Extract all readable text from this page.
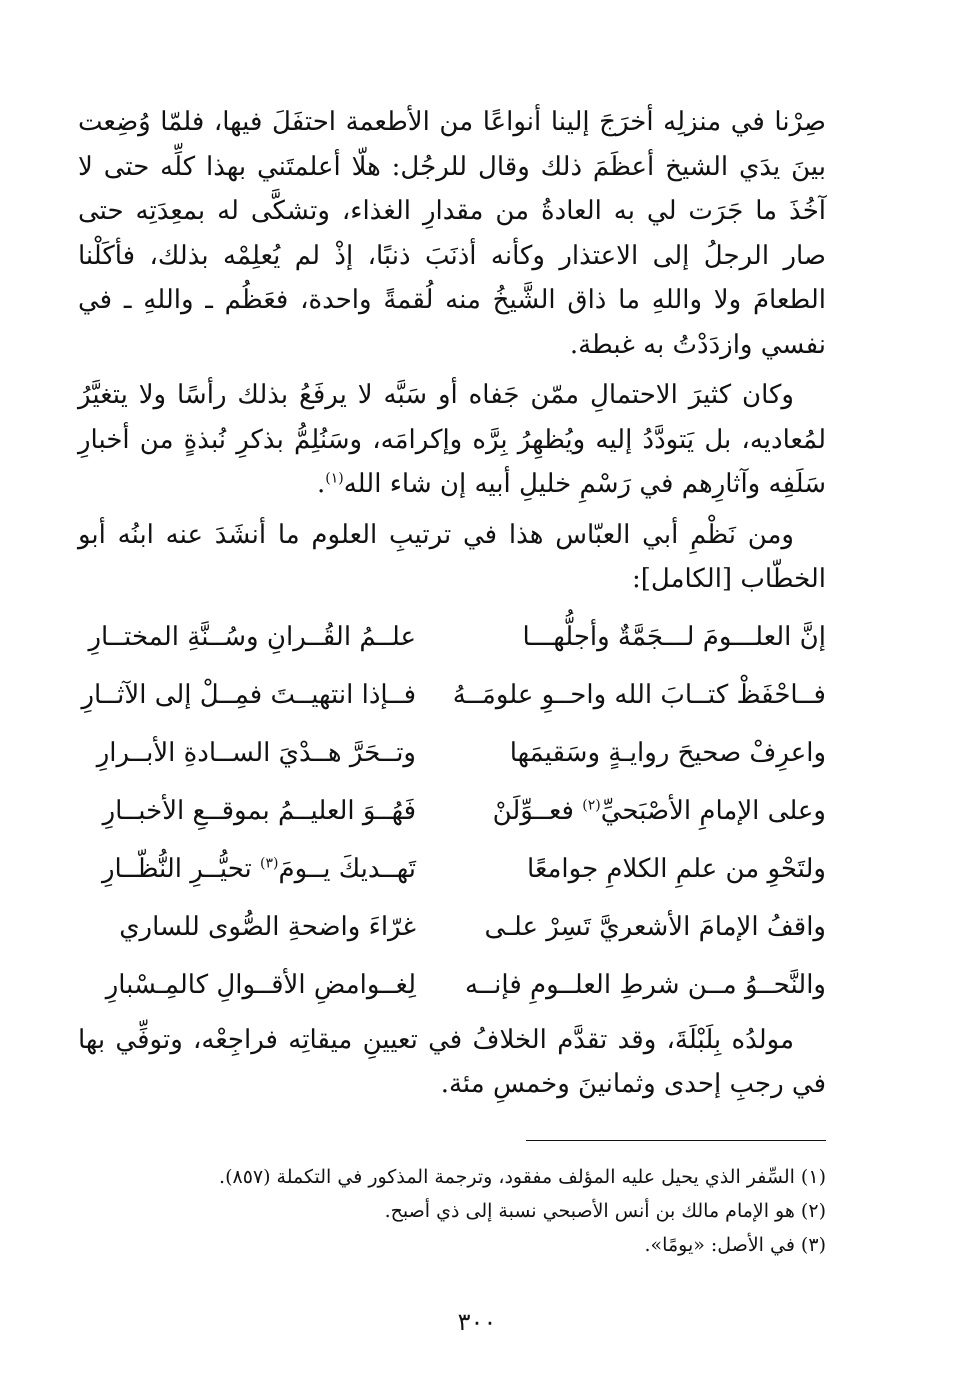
صِرْنا في منزلِه أخرَجَ إلينا أنواعًا من الأطعمة احتفَلَ فيها، فلمّا وُضِعت بينَ يدَي الشيخ أعظَمَ ذلك وقال للرجُل: هلّا أعلمتَني بهذا كلِّه حتى لا آخُذَ ما جَرَت لي به العادةُ من مقدارِ الغذاء، وتشكَّى له بمعِدَتِه حتى صار الرجلُ إلى الاعتذار وكأنه أذنَبَ ذنبًا، إذْ لم يُعلِمْه بذلك، فأكَلْنا الطعامَ ولا واللهِ ما ذاق الشَّيخُ منه لُقمةً واحدة، فعَظُم ـ واللهِ ـ في نفسي وازدَدْتُ به غبطة.

وكان كثيرَ الاحتمالِ ممّن جَفاه أو سَبَّه لا يرفَعُ بذلك رأسًا ولا يتغيَّرُ لمُعاديه، بل يَتودَّدُ إليه ويُظهِرُ بِرَّه وإكرامَه، وسَنُلِمُّ بذكرِ نُبذةٍ من أخبارِ سَلَفِه وآثارِهم في رَسْمِ خليلِ أبيه إن شاء الله$^{(١)}$.

ومن نَظْمِ أبي العبّاس هذا في ترتيبِ العلوم ما أنشَدَ عنه ابنُه أبو الخطّاب [الكامل]:

إنَّ العلـــومَ لـــجَمَّةٌ وأجلُّهـــا
علــمُ القُــرانِ وسُــنَّةِ المختــارِ
فــاحْفَظْ كتــابَ الله واحــوِ علومَــهُ
فــإذا انتهيــتَ فمِــلْ إلى الآثــارِ
واعرِفْ صحيحَ روايـةٍ وسَقيمَها
وتــحَرَّ هــدْيَ الســادةِ الأبــرارِ
وعلى الإمامِ الأصْبَحيِّ$^{(٢)}$ فعــوِّلَنْ
فَهُــوَ العليــمُ بموقــعِ الأخبــارِ
ولتَحْوِ من علمِ الكلامِ جوامعًا
تَهــديكَ يــومَ$^{(٣)}$ تحيُّــرِ النُّظّــارِ
واقفُ الإمامَ الأشعريَّ تَسِرْ علـى
غرّاءَ واضحةِ الصُّوى للساري
والنَّحــوُ مــن شرطِ العلــومِ فإنــه
لِغــوامضِ الأقــوالِ كالمِـسْبارِ

مولدُه بِلَبْلَةَ، وقد تقدَّم الخلافُ في تعيينِ ميقاتِه فراجِعْه، وتوفِّي بها في رجبِ إحدى وثمانينَ وخمسِ مئة.

(١) السِّفر الذي يحيل عليه المؤلف مفقود، وترجمة المذكور في التكملة (٨٥٧).
(٢) هو الإمام مالك بن أنس الأصبحي نسبة إلى ذي أصبح.
(٣) في الأصل: «يومًا».
٣٠٠
